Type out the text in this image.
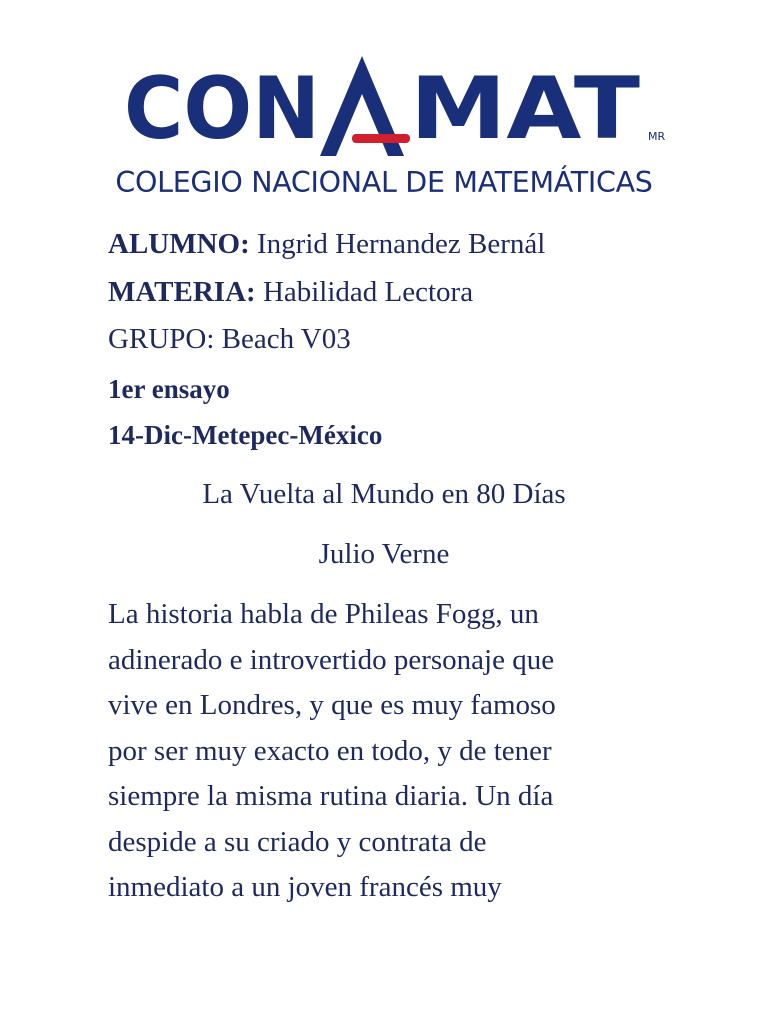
CON MAT MR
COLEGIO NACIONAL DE MATEMÁTICAS
ALUMNO: Ingrid Hernandez Bernál
MATERIA: Habilidad Lectora
GRUPO: Beach V03
1er ensayo
14-Dic-Metepec-México
La Vuelta al Mundo en 80 Días
Julio Verne
La historia habla de Phileas Fogg, un
adinerado e introvertido personaje que
vive en Londres, y que es muy famoso
por ser muy exacto en todo, y de tener
siempre la misma rutina diaria. Un día
despide a su criado y contrata de
inmediato a un joven francés muy
